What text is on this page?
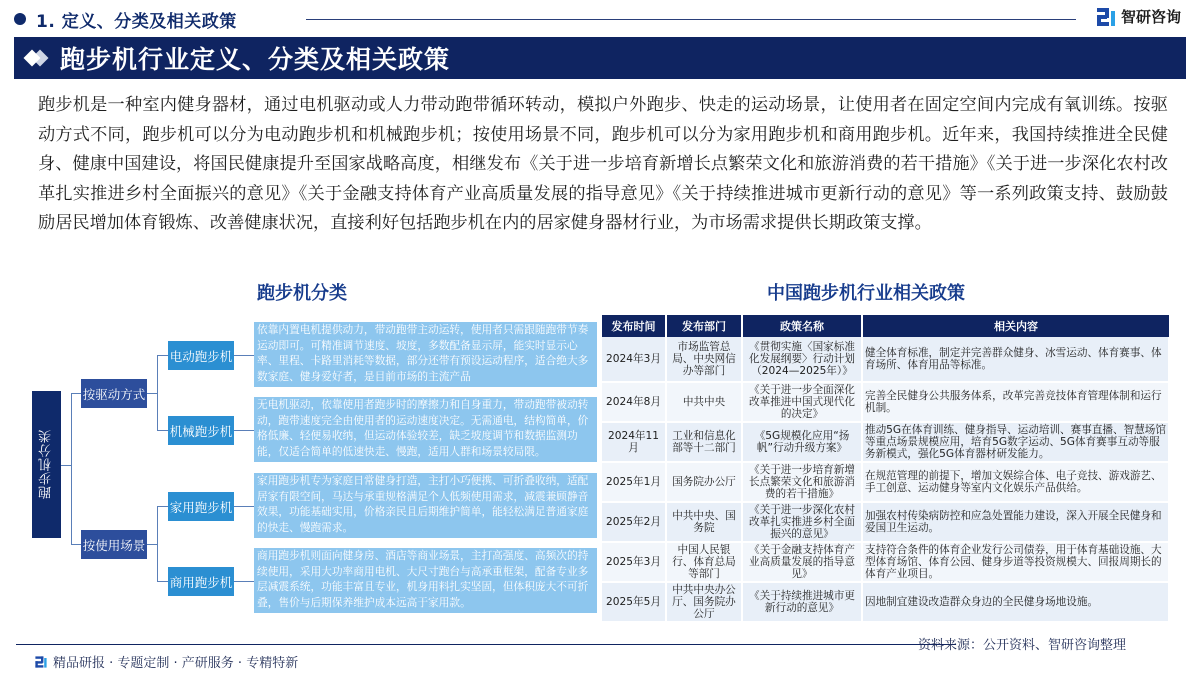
1. 定义、分类及相关政策	智研咨询
跑步机行业定义、分类及相关政策

跑步机是一种室内健身器材，通过电机驱动或人力带动跑带循环转动，模拟户外跑步、快走的运动场景，让使用者在固定空间内完成有氧训练。按驱动方式不同，跑步机可以分为电动跑步机和机械跑步机；按使用场景不同，跑步机可以分为家用跑步机和商用跑步机。近年来，我国持续推进全民健身、健康中国建设，将国民健康提升至国家战略高度，相继发布《关于进一步培育新增长点繁荣文化和旅游消费的若干措施》《关于进一步深化农村改革扎实推进乡村全面振兴的意见》《关于金融支持体育产业高质量发展的指导意见》《关于持续推进城市更新行动的意见》等一系列政策支持、鼓励鼓励居民增加体育锻炼、改善健康状况，直接利好包括跑步机在内的居家健身器材行业，为市场需求提供长期政策支撑。

跑步机分类	中国跑步机行业相关政策
跑步机分类
按驱动方式
按使用场景
电动跑步机
机械跑步机
家用跑步机
商用跑步机
依靠内置电机提供动力，带动跑带主动运转，使用者只需跟随跑带节奏运动即可。可精准调节速度、坡度，多数配备显示屏，能实时显示心率、里程、卡路里消耗等数据，部分还带有预设运动程序，适合绝大多数家庭、健身爱好者，是目前市场的主流产品
无电机驱动，依靠使用者跑步时的摩擦力和自身重力，带动跑带被动转动，跑带速度完全由使用者的运动速度决定。无需通电，结构简单，价格低廉、轻便易收纳，但运动体验较差，缺乏坡度调节和数据监测功能，仅适合简单的低速快走、慢跑，适用人群和场景较局限。
家用跑步机专为家庭日常健身打造，主打小巧便携、可折叠收纳，适配居家有限空间，马达与承重规格满足个人低频使用需求，减震兼顾静音效果，功能基础实用，价格亲民且后期维护简单，能轻松满足普通家庭的快走、慢跑需求。
商用跑步机则面向健身房、酒店等商业场景，主打高强度、高频次的持续使用，采用大功率商用电机、大尺寸跑台与高承重框架，配备专业多层减震系统，功能丰富且专业，机身用料扎实坚固，但体积庞大不可折叠，售价与后期保养维护成本远高于家用款。
发布时间	发布部门	政策名称	相关内容
2024年3月	市场监管总局、中央网信办等部门	《贯彻实施〈国家标准化发展纲要〉行动计划（2024—2025年）》	健全体育标准，制定并完善群众健身、冰雪运动、体育赛事、体育场所、体育用品等标准。
2024年8月	中共中央	《关于进一步全面深化改革推进中国式现代化的决定》	完善全民健身公共服务体系，改革完善竞技体育管理体制和运行机制。
2024年11月	工业和信息化部等十二部门	《5G规模化应用“扬帆”行动升级方案》	推动5G在体育训练、健身指导、运动培训、赛事直播、智慧场馆等重点场景规模应用，培育5G数字运动、5G体育赛事互动等服务新模式，强化5G体育器材研发能力。
2025年1月	国务院办公厅	《关于进一步培育新增长点繁荣文化和旅游消费的若干措施》	在规范管理的前提下，增加文娱综合体、电子竞技、游戏游艺、手工创意、运动健身等室内文化娱乐产品供给。
2025年2月	中共中央、国务院	《关于进一步深化农村改革扎实推进乡村全面振兴的意见》	加强农村传染病防控和应急处置能力建设，深入开展全民健身和爱国卫生运动。
2025年3月	中国人民银行、体育总局等部门	《关于金融支持体育产业高质量发展的指导意见》	支持符合条件的体育企业发行公司债券，用于体育基础设施、大型体育场馆、体育公园、健身步道等投资规模大、回报周期长的体育产业项目。
2025年5月	中共中央办公厅、国务院办公厅	《关于持续推进城市更新行动的意见》	因地制宜建设改造群众身边的全民健身场地设施。
精品研报 · 专题定制 · 产研服务 · 专精特新
资料来源：公开资料、智研咨询整理
